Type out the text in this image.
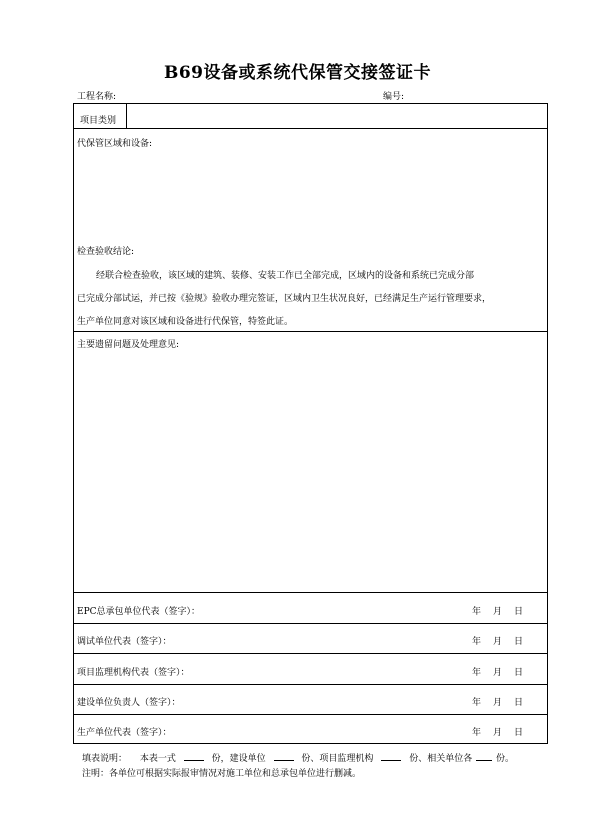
B69设备或系统代保管交接签证卡
工程名称:	编号:
项目类别
代保管区域和设备:
检查验收结论:
经联合检查验收，该区域的建筑、装修、安装工作已全部完成，区域内的设备和系统已完成分部
已完成分部试运，并已按《验规》验收办理完签证，区域内卫生状况良好，已经满足生产运行管理要求，
生产单位同意对该区域和设备进行代保管，特签此证。
主要遗留问题及处理意见:
EPC总承包单位代表（签字）：	年 月 日
调试单位代表（签字）：	年 月 日
项目监理机构代表（签字）：	年 月 日
建设单位负责人（签字）：	年 月 日
生产单位代表（签字）：	年 月 日
填表说明： 本表一式	份，建设单位	份、项目监理机构	份、相关单位各	份。
注明：各单位可根据实际报审情况对施工单位和总承包单位进行删减。
